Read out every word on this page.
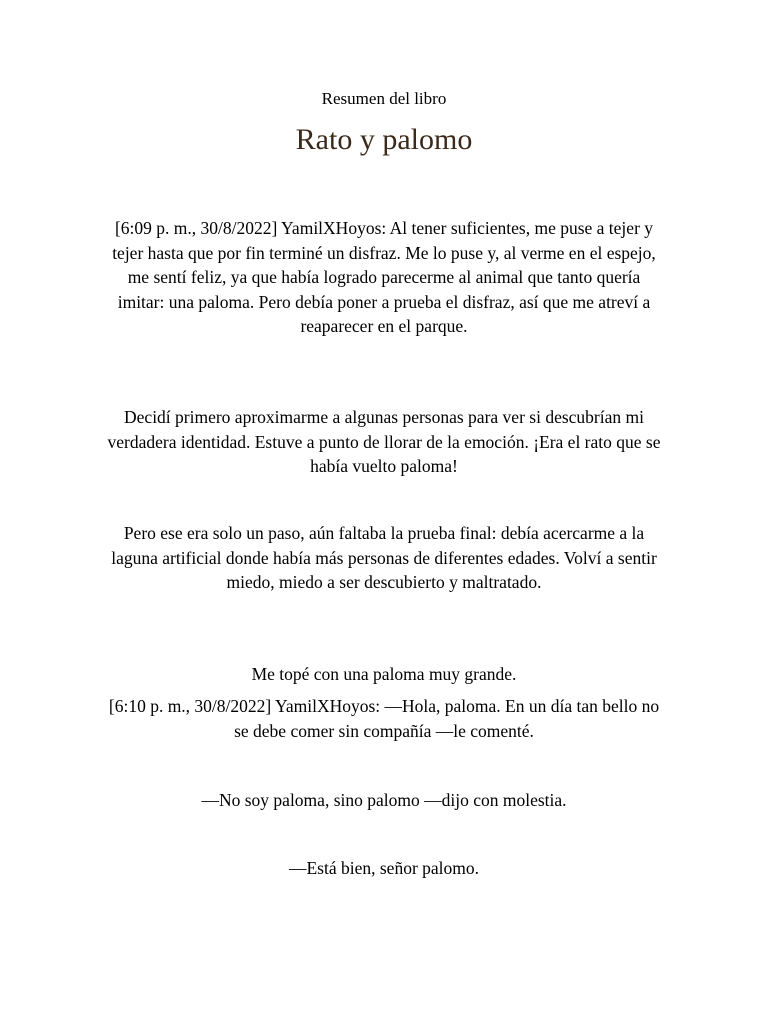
Resumen del libro
Rato y palomo

[6:09 p. m., 30/8/2022] YamilXHoyos: Al tener suficientes, me puse a tejer y tejer hasta que por fin terminé un disfraz. Me lo puse y, al verme en el espejo, me sentí feliz, ya que había logrado parecerme al animal que tanto quería imitar: una paloma. Pero debía poner a prueba el disfraz, así que me atreví a reaparecer en el parque.

Decidí primero aproximarme a algunas personas para ver si descubrían mi verdadera identidad. Estuve a punto de llorar de la emoción. ¡Era el rato que se había vuelto paloma!

Pero ese era solo un paso, aún faltaba la prueba final: debía acercarme a la laguna artificial donde había más personas de diferentes edades. Volví a sentir miedo, miedo a ser descubierto y maltratado.

Me topé con una paloma muy grande.

[6:10 p. m., 30/8/2022] YamilXHoyos: —Hola, paloma. En un día tan bello no se debe comer sin compañía —le comenté.

—No soy paloma, sino palomo —dijo con molestia.

—Está bien, señor palomo.
